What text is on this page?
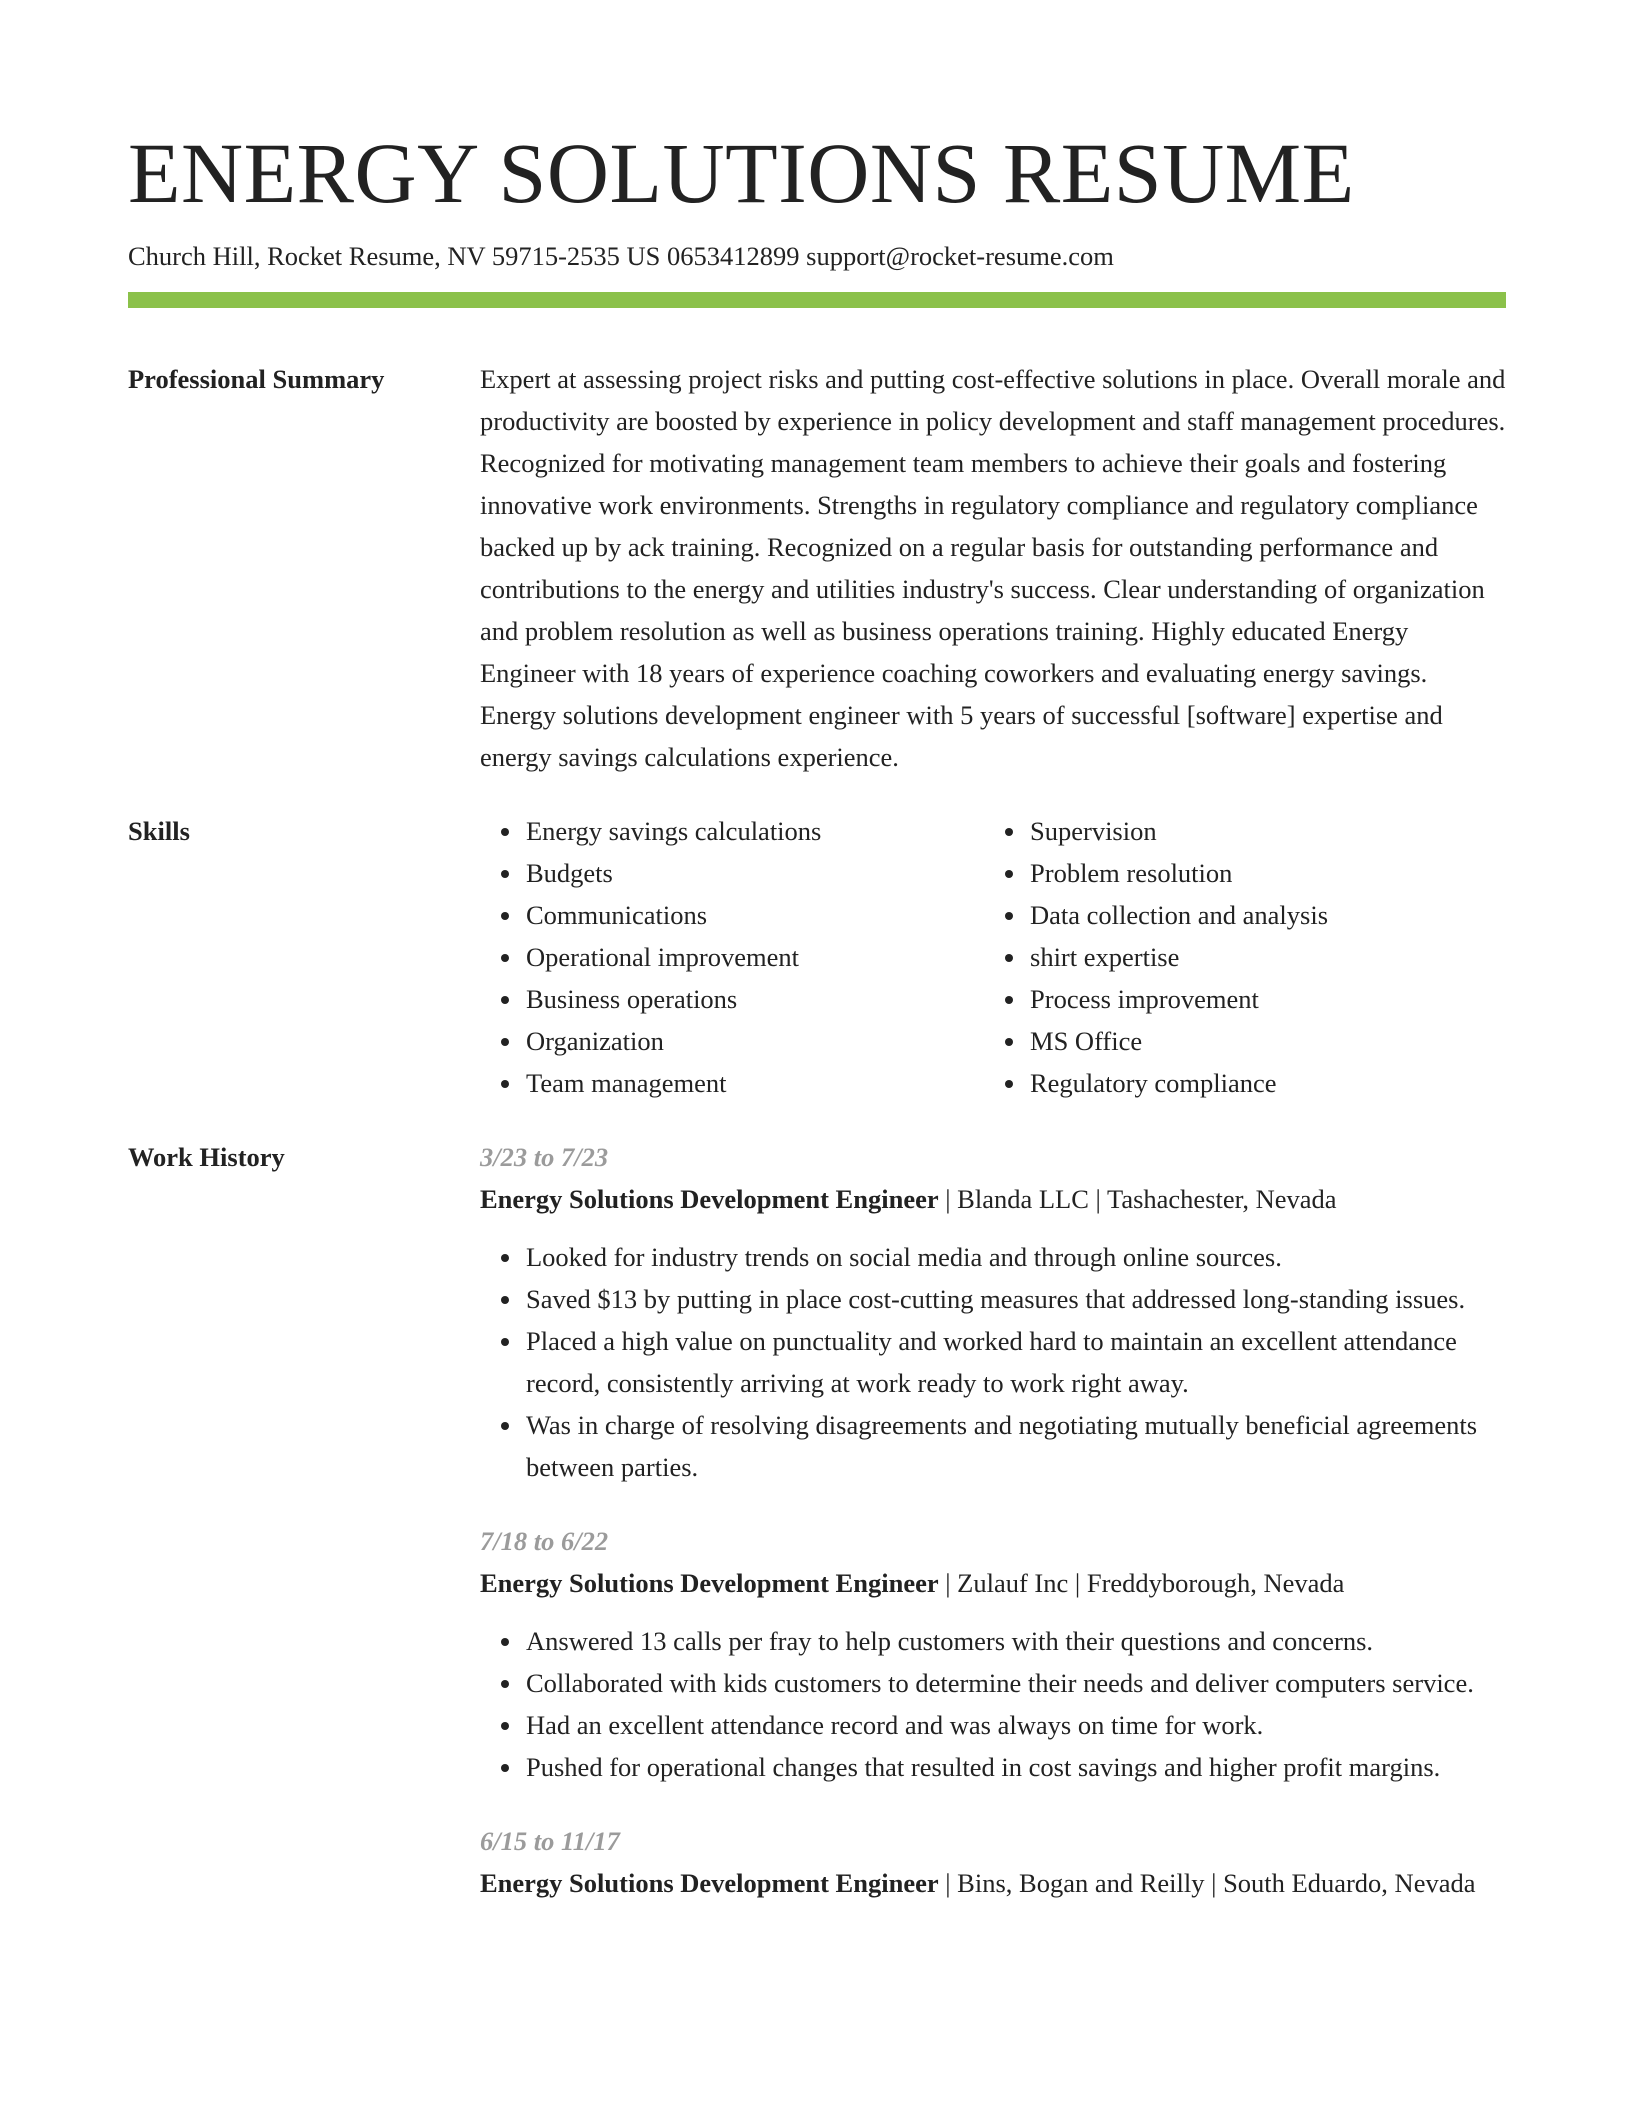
ENERGY SOLUTIONS RESUME
Church Hill, Rocket Resume, NV 59715-2535 US 0653412899 support@rocket-resume.com
Professional Summary	Expert at assessing project risks and putting cost-effective solutions in place. Overall morale and productivity are boosted by experience in policy development and staff management procedures. Recognized for motivating management team members to achieve their goals and fostering innovative work environments. Strengths in regulatory compliance and regulatory compliance backed up by ack training. Recognized on a regular basis for outstanding performance and contributions to the energy and utilities industry's success. Clear understanding of organization and problem resolution as well as business operations training. Highly educated Energy Engineer with 18 years of experience coaching coworkers and evaluating energy savings. Energy solutions development engineer with 5 years of successful [software] expertise and energy savings calculations experience.
Skills	• Energy savings calculations
• Budgets
• Communications
• Operational improvement
• Business operations
• Organization
• Team management
• Supervision
• Problem resolution
• Data collection and analysis
• shirt expertise
• Process improvement
• MS Office
• Regulatory compliance
Work History	3/23 to 7/23
Energy Solutions Development Engineer | Blanda LLC | Tashachester, Nevada
• Looked for industry trends on social media and through online sources.
• Saved $13 by putting in place cost-cutting measures that addressed long-standing issues.
• Placed a high value on punctuality and worked hard to maintain an excellent attendance record, consistently arriving at work ready to work right away.
• Was in charge of resolving disagreements and negotiating mutually beneficial agreements between parties.
7/18 to 6/22
Energy Solutions Development Engineer | Zulauf Inc | Freddyborough, Nevada
• Answered 13 calls per fray to help customers with their questions and concerns.
• Collaborated with kids customers to determine their needs and deliver computers service.
• Had an excellent attendance record and was always on time for work.
• Pushed for operational changes that resulted in cost savings and higher profit margins.
6/15 to 11/17
Energy Solutions Development Engineer | Bins, Bogan and Reilly | South Eduardo, Nevada
